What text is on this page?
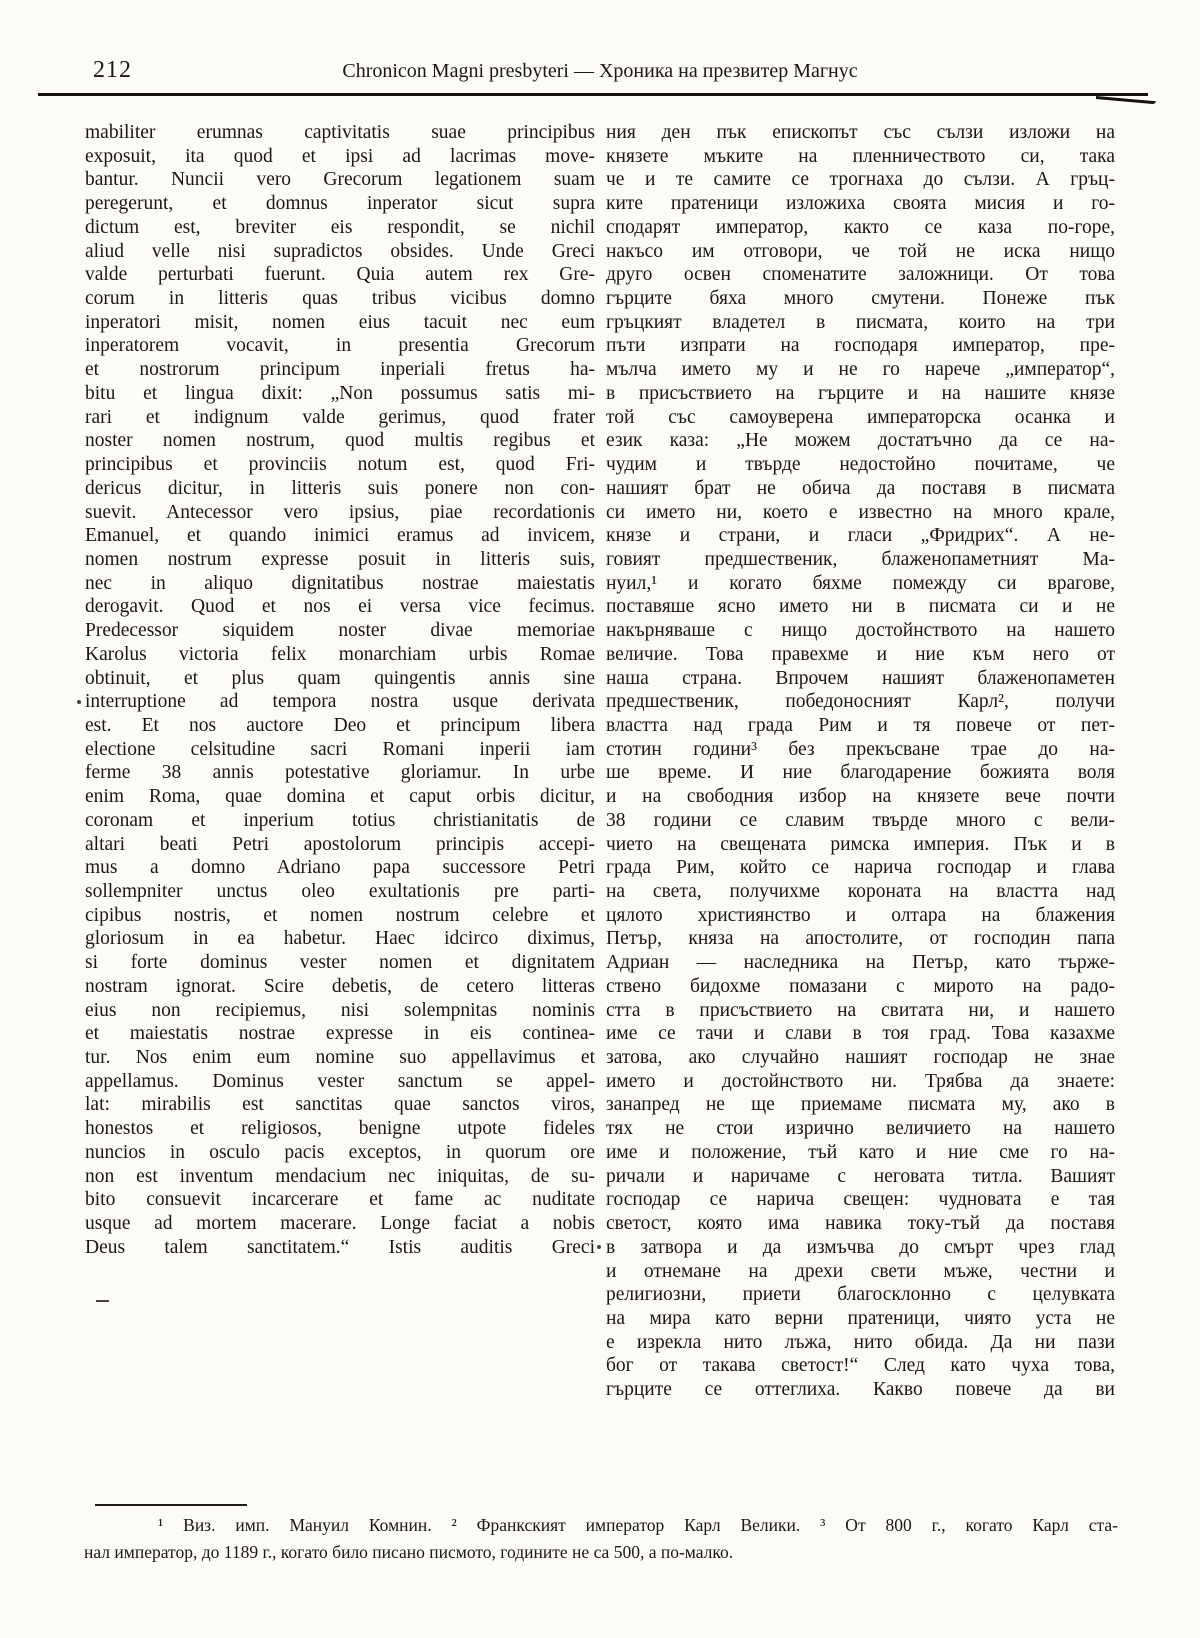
212	Chronicon Magni presbyteri — Хроника на презвитер Магнус
mabiliter erumnas captivitatis suae principibus
exposuit, ita quod et ipsi ad lacrimas move-
bantur. Nuncii vero Grecorum legationem suam
peregerunt, et domnus inperator sicut supra
dictum est, breviter eis respondit, se nichil
aliud velle nisi supradictos obsides. Unde Greci
valde perturbati fuerunt. Quia autem rex Gre-
corum in litteris quas tribus vicibus domno
inperatori misit, nomen eius tacuit nec eum
inperatorem vocavit, in presentia Grecorum
et nostrorum principum inperiali fretus ha-
bitu et lingua dixit: „Non possumus satis mi-
rari et indignum valde gerimus, quod frater
noster nomen nostrum, quod multis regibus et
principibus et provinciis notum est, quod Fri-
dericus dicitur, in litteris suis ponere non con-
suevit. Antecessor vero ipsius, piae recordationis
Emanuel, et quando inimici eramus ad invicem,
nomen nostrum expresse posuit in litteris suis,
nec in aliquo dignitatibus nostrae maiestatis
derogavit. Quod et nos ei versa vice fecimus.
Predecessor siquidem noster divae memoriae
Karolus victoria felix monarchiam urbis Romae
obtinuit, et plus quam quingentis annis sine
interruptione ad tempora nostra usque derivata
est. Et nos auctore Deo et principum libera
electione celsitudine sacri Romani inperii iam
ferme 38 annis potestative gloriamur. In urbe
enim Roma, quae domina et caput orbis dicitur,
coronam et inperium totius christianitatis de
altari beati Petri apostolorum principis accepi-
mus a domno Adriano papa successore Petri
sollempniter unctus oleo exultationis pre parti-
cipibus nostris, et nomen nostrum celebre et
gloriosum in ea habetur. Haec idcirco diximus,
si forte dominus vester nomen et dignitatem
nostram ignorat. Scire debetis, de cetero litteras
eius non recipiemus, nisi solempnitas nominis
et maiestatis nostrae expresse in eis continea-
tur. Nos enim eum nomine suo appellavimus et
appellamus. Dominus vester sanctum se appel-
lat: mirabilis est sanctitas quae sanctos viros,
honestos et religiosos, benigne utpote fideles
nuncios in osculo pacis exceptos, in quorum ore
non est inventum mendacium nec iniquitas, de su-
bito consuevit incarcerare et fame ac nuditate
usque ad mortem macerare. Longe faciat a nobis
Deus talem sanctitatem.“ Istis auditis Greci
ния ден пък епископът със сълзи изложи на
князете мъките на пленничеството си, така
че и те самите се трогнаха до сълзи. А гръц-
ките пратеници изложиха своята мисия и го-
сподарят император, както се каза по-горе,
накъсо им отговори, че той не иска нищо
друго освен споменатите заложници. От това
гърците бяха много смутени. Понеже пък
гръцкият владетел в писмата, които на три
пъти изпрати на господаря император, пре-
мълча името му и не го нарече „император“,
в присъствието на гърците и на нашите князе
той със самоуверена императорска осанка и
език каза: „Не можем достатъчно да се на-
чудим и твърде недостойно почитаме, че
нашият брат не обича да поставя в писмата
си името ни, което е известно на много крале,
князе и страни, и гласи „Фридрих“. А не-
говият предшественик, блаженопаметният Ма-
нуил,¹ и когато бяхме помежду си врагове,
поставяше ясно името ни в писмата си и не
накърняваше с нищо достойнството на нашето
величие. Това правехме и ние към него от
наша страна. Впрочем нашият блаженопаметен
предшественик, победоносният Карл², получи
властта над града Рим и тя повече от пет-
стотин години³ без прекъсване трае до на-
ше време. И ние благодарение божията воля
и на свободния избор на князете вече почти
38 години се славим твърде много с вели-
чието на свещената римска империя. Пък и в
града Рим, който се нарича господар и глава
на света, получихме короната на властта над
цялото християнство и олтара на блажения
Петър, княза на апостолите, от господин папа
Адриан — наследника на Петър, като търже-
ствено бидохме помазани с мирото на радо-
стта в присъствието на свитата ни, и нашето
име се тачи и слави в тоя град. Това казахме
затова, ако случайно нашият господар не знае
името и достойнството ни. Трябва да знаете:
занапред не ще приемаме писмата му, ако в
тях не стои изрично величието на нашето
име и положение, тъй като и ние сме го на-
ричали и наричаме с неговата титла. Вашият
господар се нарича свещен: чудновата е тая
светост, която има навика току-тъй да поставя
в затвора и да измъчва до смърт чрез глад
и отнемане на дрехи свети мъже, честни и
религиозни, приети благосклонно с целувката
на мира като верни пратеници, чиято уста не
е изрекла нито лъжа, нито обида. Да ни пази
бог от такава светост!“ След като чуха това,
гърците се оттеглиха. Какво повече да ви
¹ Виз. имп. Мануил Комнин. ² Франкският император Карл Велики. ³ От 800 г., когато Карл ста-
нал император, до 1189 г., когато било писано писмото, годините не са 500, а по-малко.
